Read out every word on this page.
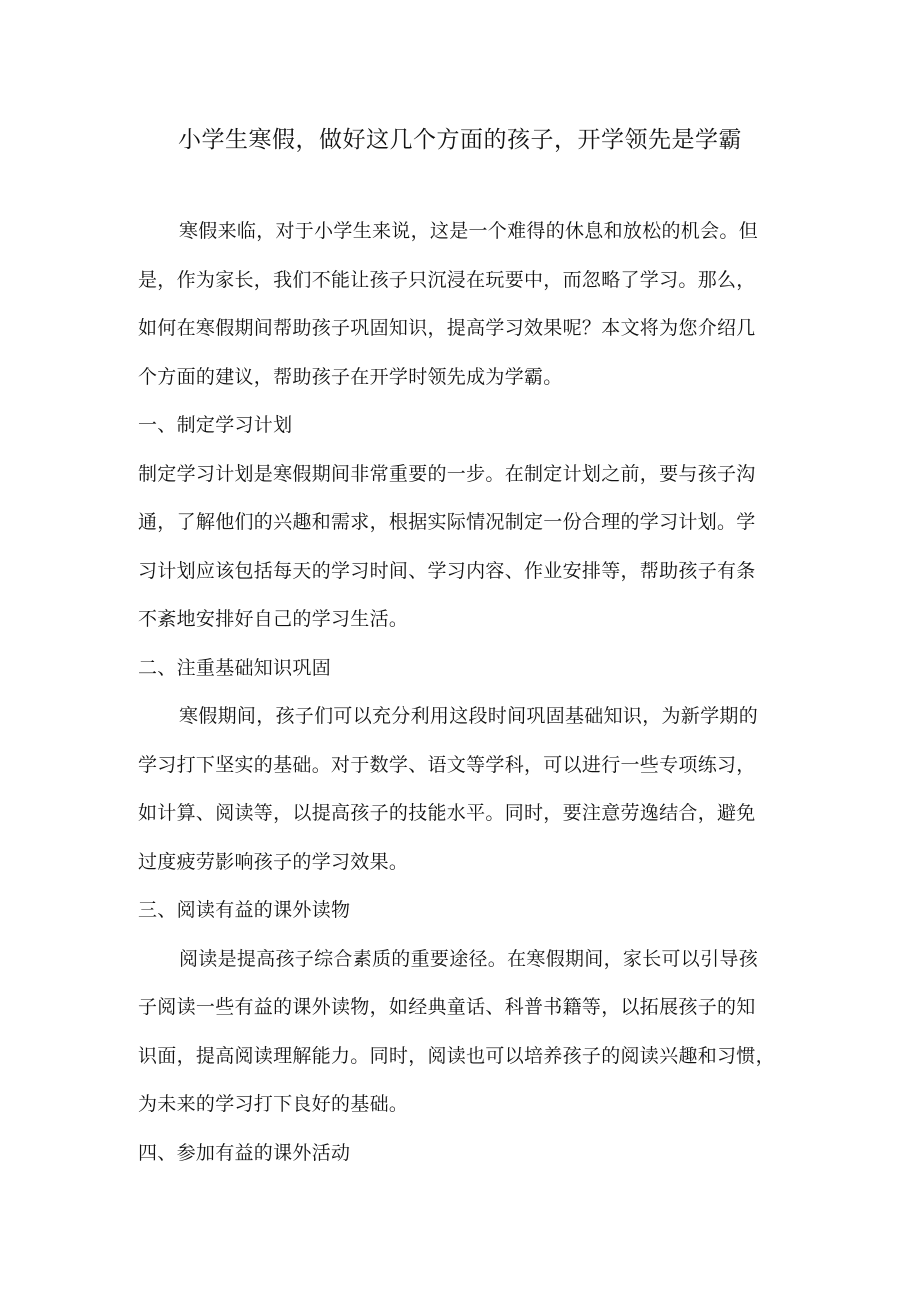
小学生寒假，做好这几个方面的孩子，开学领先是学霸
寒假来临，对于小学生来说，这是一个难得的休息和放松的机会。但
是，作为家长，我们不能让孩子只沉浸在玩要中，而忽略了学习。那么，
如何在寒假期间帮助孩子巩固知识，提高学习效果呢？本文将为您介绍几
个方面的建议，帮助孩子在开学时领先成为学霸。
一、制定学习计划
制定学习计划是寒假期间非常重要的一步。在制定计划之前，要与孩子沟
通，了解他们的兴趣和需求，根据实际情况制定一份合理的学习计划。学
习计划应该包括每天的学习时间、学习内容、作业安排等，帮助孩子有条
不紊地安排好自己的学习生活。
二、注重基础知识巩固
寒假期间，孩子们可以充分利用这段时间巩固基础知识，为新学期的
学习打下坚实的基础。对于数学、语文等学科，可以进行一些专项练习，
如计算、阅读等，以提高孩子的技能水平。同时，要注意劳逸结合，避免
过度疲劳影响孩子的学习效果。
三、阅读有益的课外读物
阅读是提高孩子综合素质的重要途径。在寒假期间，家长可以引导孩
子阅读一些有益的课外读物，如经典童话、科普书籍等，以拓展孩子的知
识面，提高阅读理解能力。同时，阅读也可以培养孩子的阅读兴趣和习惯，
为未来的学习打下良好的基础。
四、参加有益的课外活动
